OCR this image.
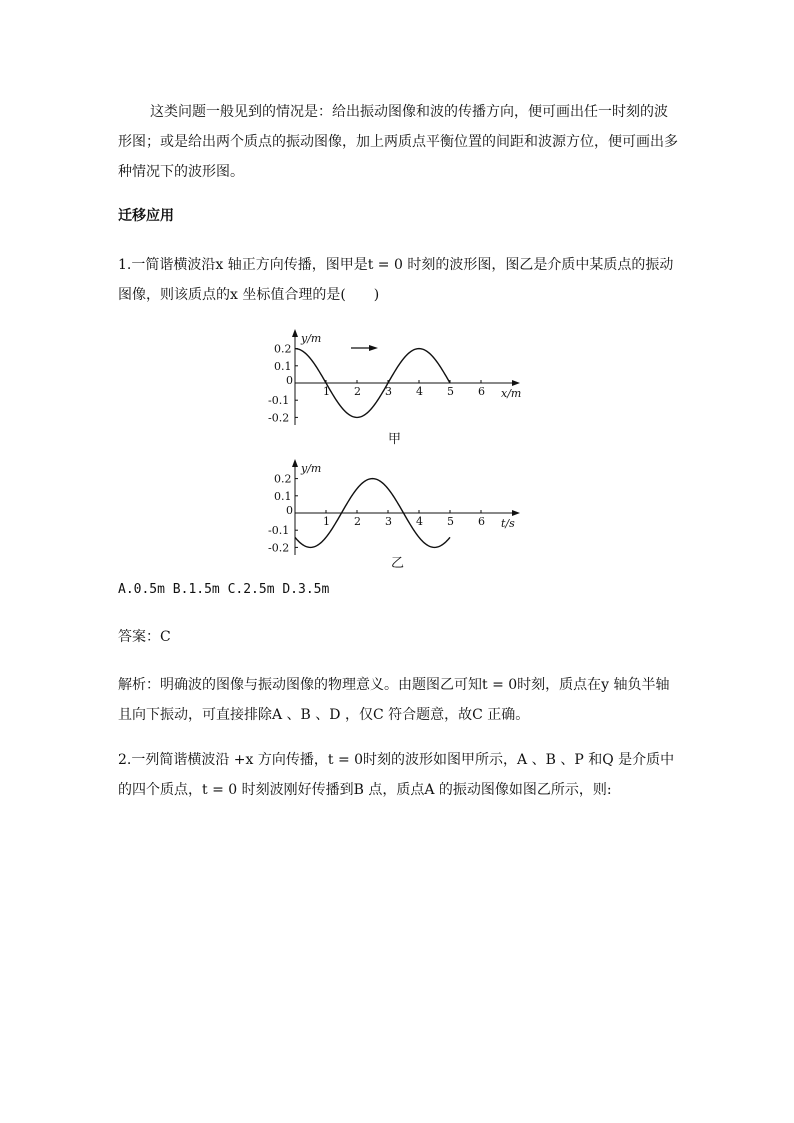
这类问题一般见到的情况是：给出振动图像和波的传播方向，便可画出任一时刻的波形图；或是给出两个质点的振动图像，加上两质点平衡位置的间距和波源方位，便可画出多种情况下的波形图。
迁移应用
1.一简谐横波沿x 轴正方向传播，图甲是t = 0 时刻的波形图，图乙是介质中某质点的振动图像，则该质点的x 坐标值合理的是(　　)
y/m
x/m
0
1 2 3 4 5 6
0.2
0.1
-0.1
-0.2
甲
y/m
t/s
0
1 2 3 4 5 6
0.2
0.1
-0.1
-0.2
乙
A.0.5m B.1.5m C.2.5m D.3.5m
答案：C
解析：明确波的图像与振动图像的物理意义。由题图乙可知t = 0时刻，质点在y 轴负半轴且向下振动，可直接排除A 、B 、D ，仅C 符合题意，故C 正确。
2.一列简谐横波沿 +x 方向传播，t = 0时刻的波形如图甲所示，A 、B 、P 和Q 是介质中的四个质点，t = 0 时刻波刚好传播到B 点，质点A 的振动图像如图乙所示，则:
